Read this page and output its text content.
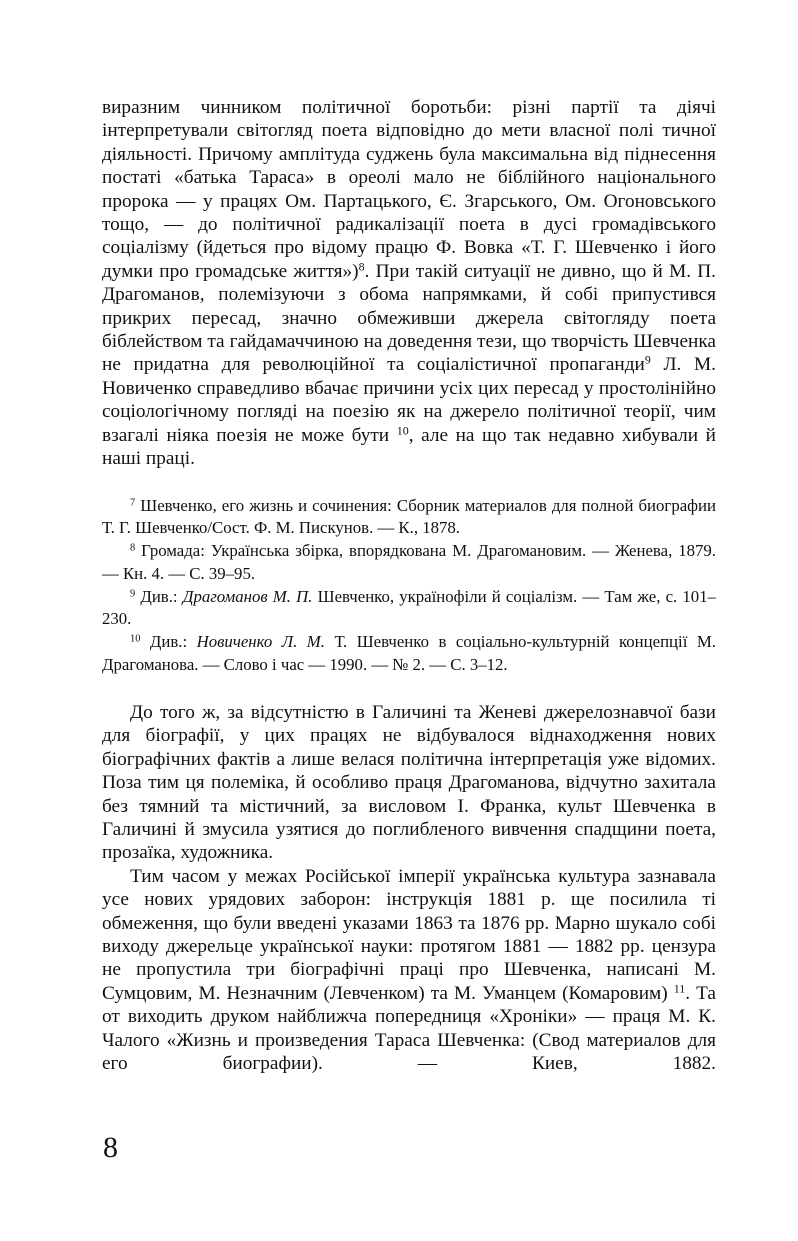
виразним чинником політичної боротьби: різні партії та діячі інтерпретували світогляд поета відповідно до мети власної полі тичної діяльності. Причому амплітуда суджень була максимальна від піднесення постаті «батька Тараса» в ореолі мало не біблійного національного пророка — у працях Ом. Партацького, Є. Згарського, Ом. Огоновського тощо, — до політичної радикалізації поета в дусі громадівського соціалізму (йдеться про відому працю Ф. Вовка «Т. Г. Шевченко і його думки про громадське життя»)$^8$. При такій ситуації не дивно, що й М. П. Драгоманов, полемізуючи з обома напрямками, й собі припустився прикрих пересад, значно обмеживши джерела світогляду поета біблейством та гайдамаччиною на доведення тези, що творчість Шевченка не придатна для революційної та соціалістичної пропаганди$^9$ Л. М. Новиченко справедливо вбачає причини усіх цих пересад у простолінійно соціологічному погляді на поезію як на джерело політичної теорії, чим взагалі ніяка поезія не може бути $^{10}$, але на що так недавно хибували й наші праці.

$^7$ Шевченко, его жизнь и сочинения: Сборник материалов для полной биографии Т. Г. Шевченко/Сост. Ф. М. Пискунов. — К., 1878.

$^8$ Громада: Українська збірка, впорядкована М. Драгомановим. — Женева, 1879. — Кн. 4. — С. 39–95.

$^9$ Див.: Драгоманов М. П. Шевченко, українофіли й соціалізм. — Там же, с. 101–230.

$^{10}$ Див.: Новиченко Л. М. Т. Шевченко в соціально-культурній концепції М. Драгоманова. — Слово і час — 1990. — № 2. — С. 3–12.

До того ж, за відсутністю в Галичині та Женеві джерелознавчої бази для біографії, у цих працях не відбувалося віднаходження нових біографічних фактів а лише велася політична інтерпретація уже відомих. Поза тим ця полеміка, й особливо праця Драгоманова, відчутно захитала без тямний та містичний, за висловом І. Франка, культ Шевченка в Галичині й змусила узятися до поглибленого вивчення спадщини поета, прозаїка, художника.

Тим часом у межах Російської імперії українська культура зазнавала усе нових урядових заборон: інструкція 1881 р. ще посилила ті обмеження, що були введені указами 1863 та 1876 рр. Марно шукало собі виходу джерельце української науки: протягом 1881 — 1882 рр. цензура не пропустила три біографічні праці про Шевченка, написані М. Сумцовим, М. Незначним (Левченком) та М. Уманцем (Комаровим) $^{11}$. Та от виходить друком найближча попередниця «Хроніки» — праця М. К. Чалого «Жизнь и произведения Тараса Шевченка: (Свод материалов для его биографии). — Киев, 1882.

8
